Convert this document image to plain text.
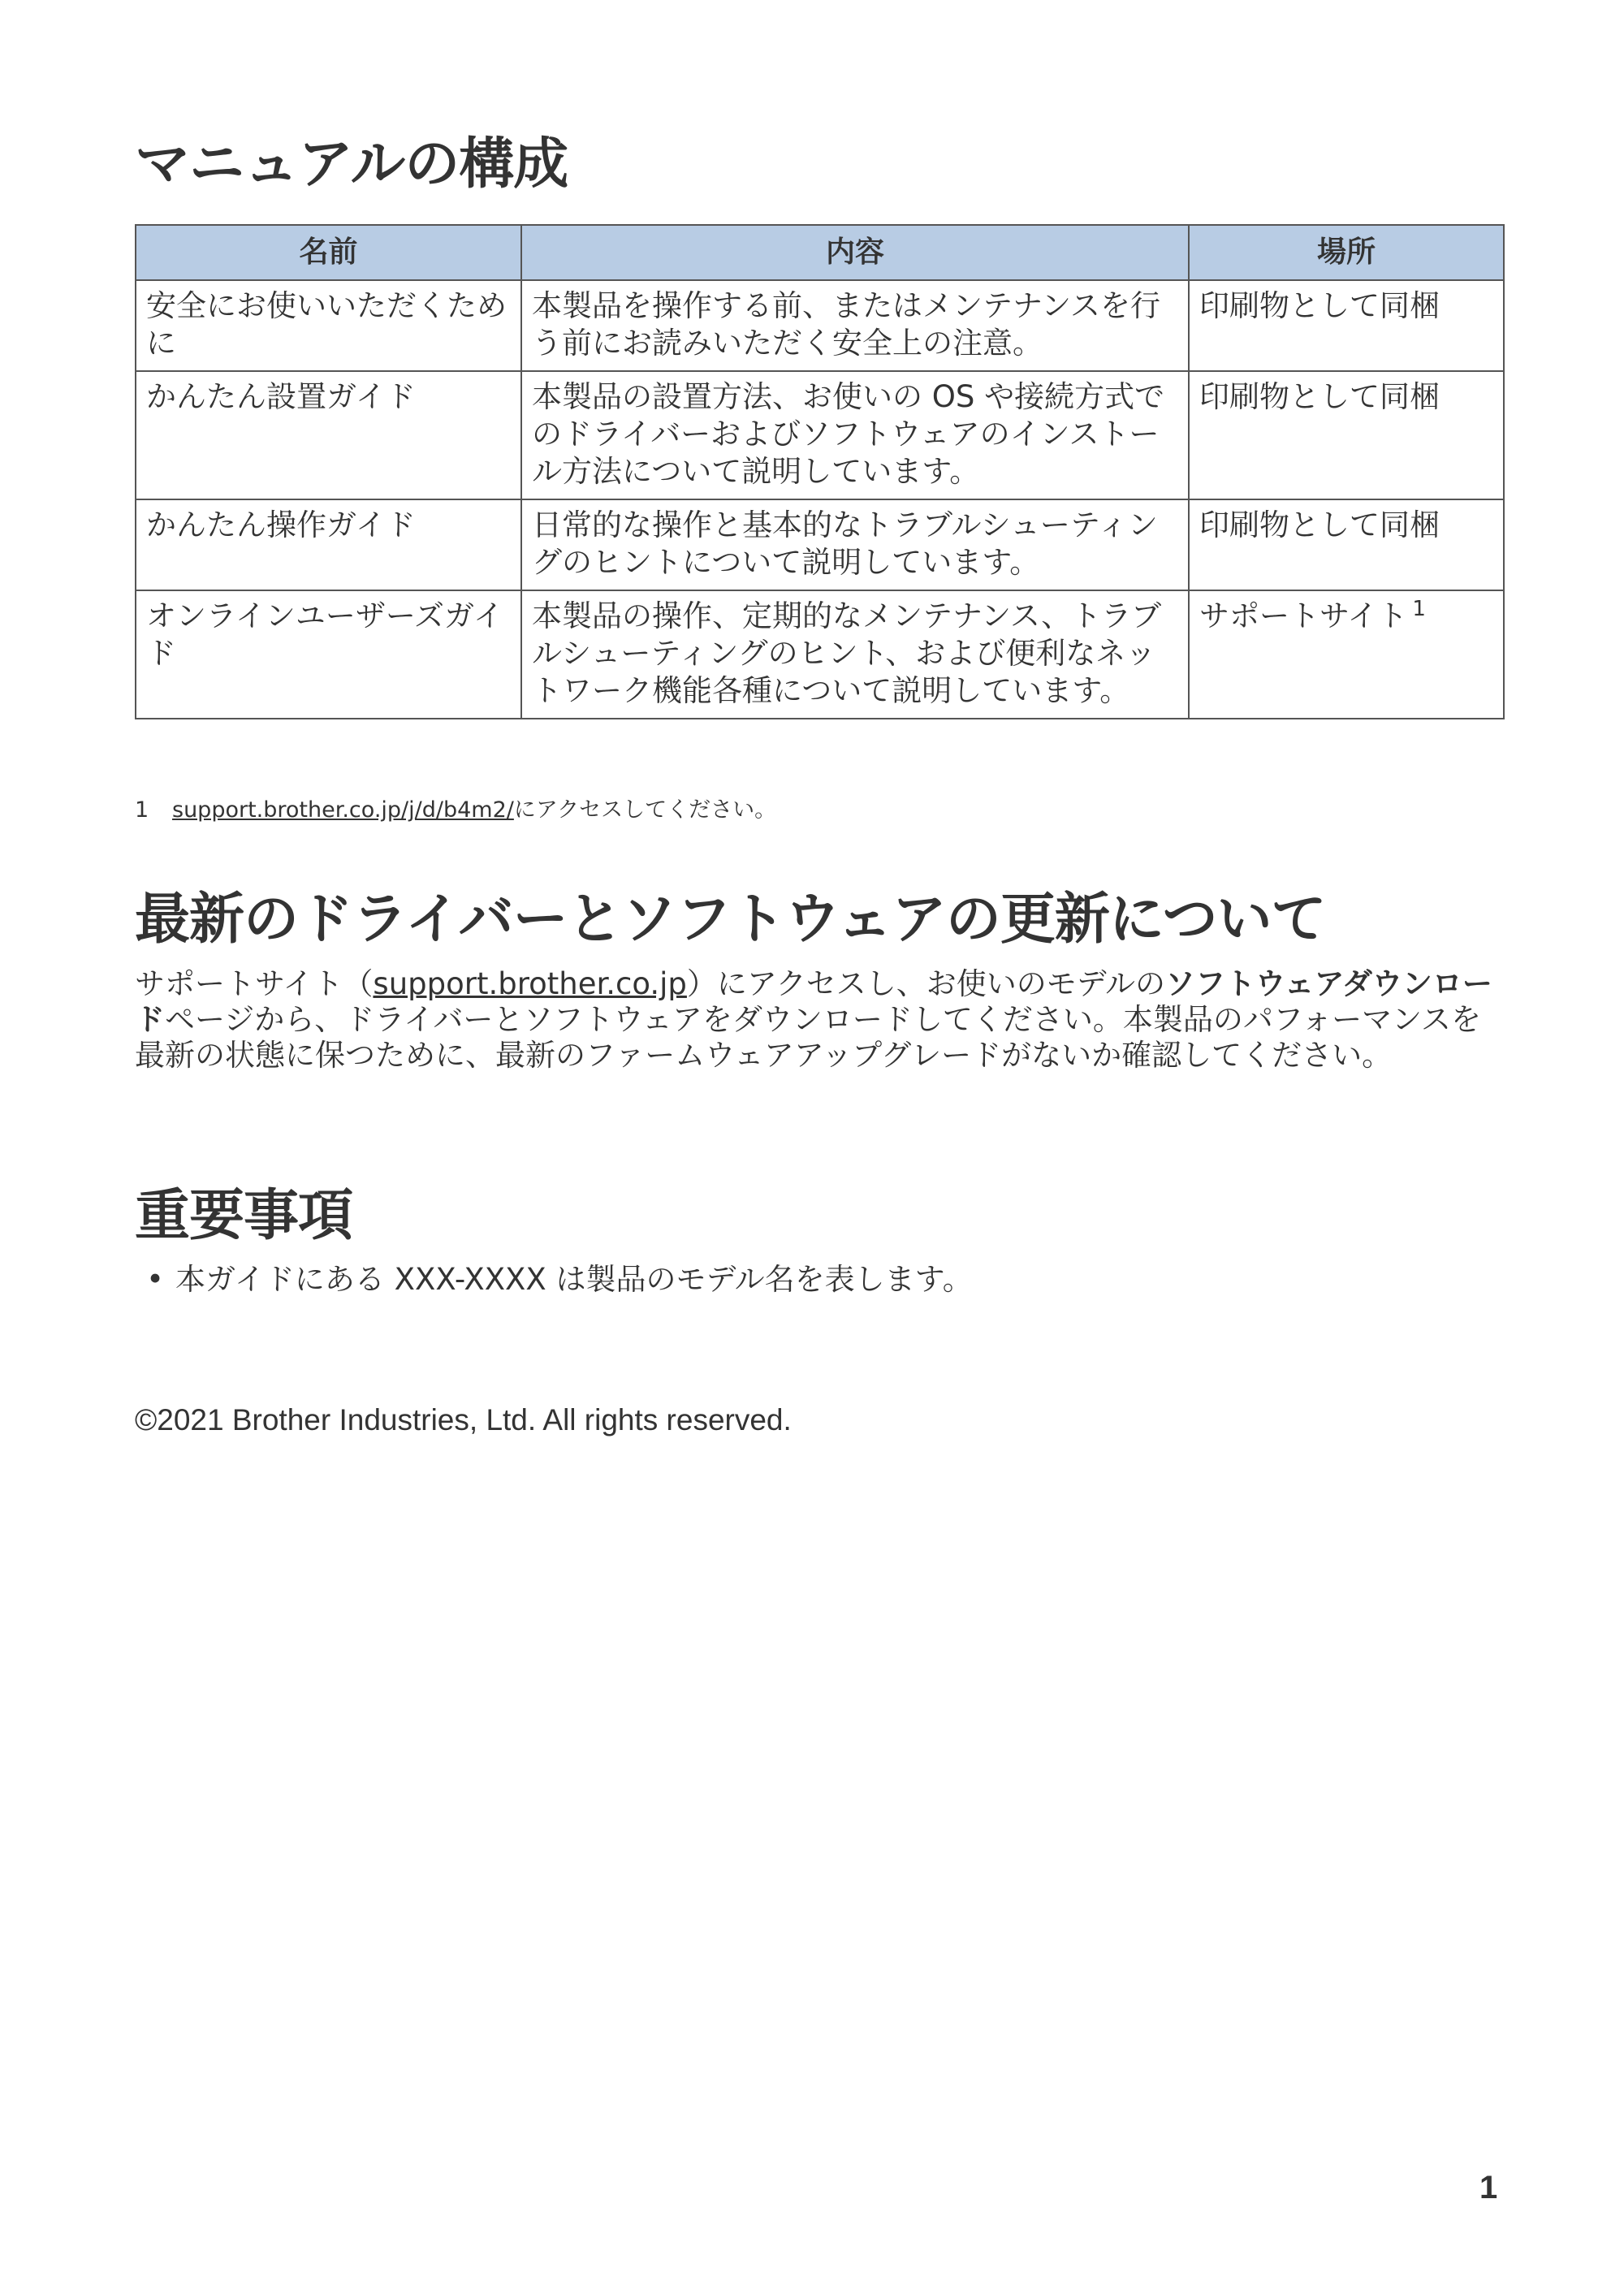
マニュアルの構成
名前	内容	場所
安全にお使いいただくために	本製品を操作する前、またはメンテナンスを行う前にお読みいただく安全上の注意。	印刷物として同梱
かんたん設置ガイド	本製品の設置方法、お使いの OS や接続方式でのドライバーおよびソフトウェアのインストール方法について説明しています。	印刷物として同梱
かんたん操作ガイド	日常的な操作と基本的なトラブルシューティングのヒントについて説明しています。	印刷物として同梱
オンラインユーザーズガイド	本製品の操作、定期的なメンテナンス、トラブルシューティングのヒント、および便利なネットワーク機能各種について説明しています。	サポートサイト $^1$
1 support.brother.co.jp/j/d/b4m2/にアクセスしてください。
最新のドライバーとソフトウェアの更新について

サポートサイト（support.brother.co.jp）にアクセスし、お使いのモデルのソフトウェアダウンロードページから、ドライバーとソフトウェアをダウンロードしてください。本製品のパフォーマンスを最新の状態に保つために、最新のファームウェアアップグレードがないか確認してください。

重要事項
• 本ガイドにある XXX-XXXX は製品のモデル名を表します。
©2021 Brother Industries, Ltd. All rights reserved.
1
